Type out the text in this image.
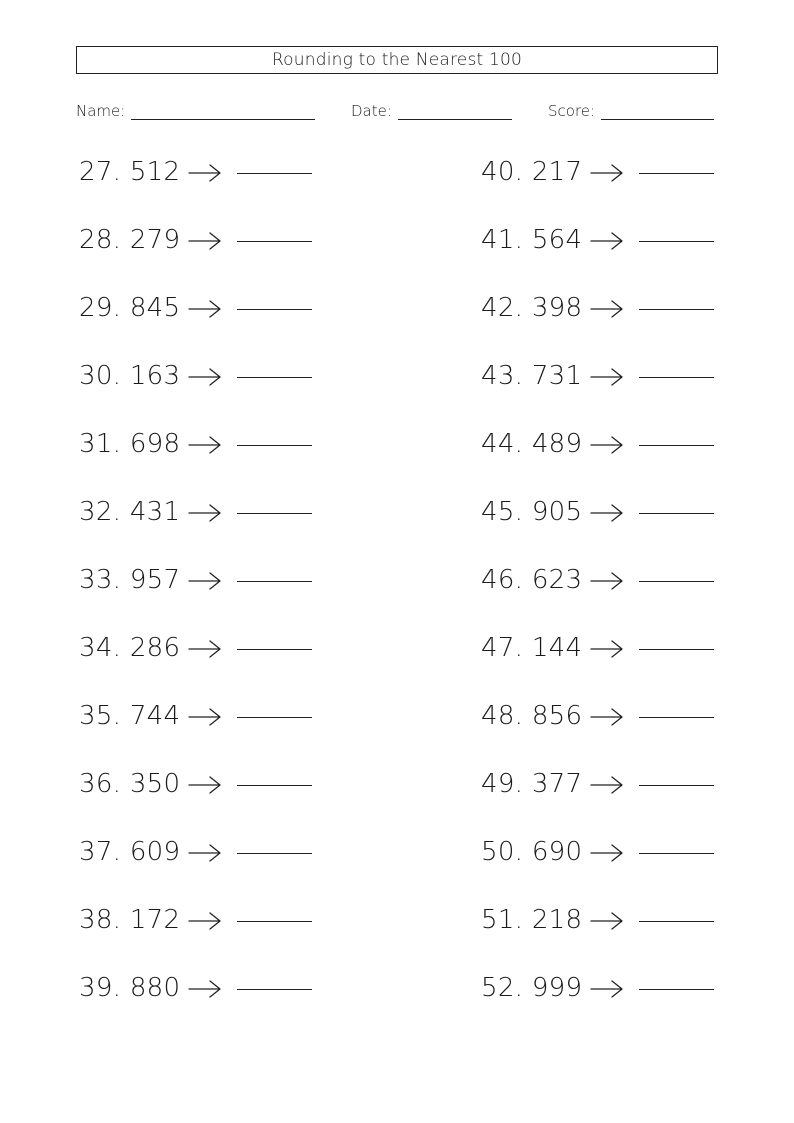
Rounding to the Nearest 100
Name:	Date:	Score:
27. 512
28. 279
29. 845
30. 163
31. 698
32. 431
33. 957
34. 286
35. 744
36. 350
37. 609
38. 172
39. 880
40. 217
41. 564
42. 398
43. 731
44. 489
45. 905
46. 623
47. 144
48. 856
49. 377
50. 690
51. 218
52. 999
